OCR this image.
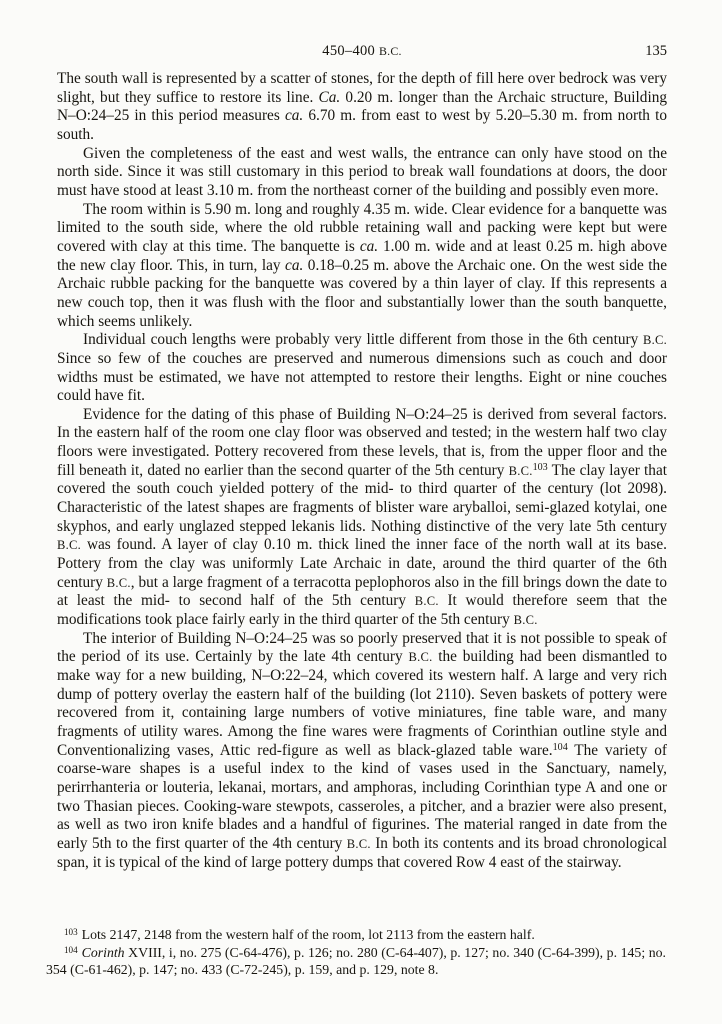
450–400 B.C.	135

The south wall is represented by a scatter of stones, for the depth of fill here over bedrock was very slight, but they suffice to restore its line. Ca. 0.20 m. longer than the Archaic structure, Building N–O:24–25 in this period measures ca. 6.70 m. from east to west by 5.20–5.30 m. from north to south.

Given the completeness of the east and west walls, the entrance can only have stood on the north side. Since it was still customary in this period to break wall foundations at doors, the door must have stood at least 3.10 m. from the northeast corner of the building and possibly even more.

The room within is 5.90 m. long and roughly 4.35 m. wide. Clear evidence for a banquette was limited to the south side, where the old rubble retaining wall and packing were kept but were covered with clay at this time. The banquette is ca. 1.00 m. wide and at least 0.25 m. high above the new clay floor. This, in turn, lay ca. 0.18–0.25 m. above the Archaic one. On the west side the Archaic rubble packing for the banquette was covered by a thin layer of clay. If this represents a new couch top, then it was flush with the floor and substantially lower than the south banquette, which seems unlikely.

Individual couch lengths were probably very little different from those in the 6th century B.C. Since so few of the couches are preserved and numerous dimensions such as couch and door widths must be estimated, we have not attempted to restore their lengths. Eight or nine couches could have fit.

Evidence for the dating of this phase of Building N–O:24–25 is derived from several factors. In the eastern half of the room one clay floor was observed and tested; in the western half two clay floors were investigated. Pottery recovered from these levels, that is, from the upper floor and the fill beneath it, dated no earlier than the second quarter of the 5th century B.C.$^{103}$ The clay layer that covered the south couch yielded pottery of the mid- to third quarter of the century (lot 2098). Characteristic of the latest shapes are fragments of blister ware aryballoi, semi-glazed kotylai, one skyphos, and early unglazed stepped lekanis lids. Nothing distinctive of the very late 5th century B.C. was found. A layer of clay 0.10 m. thick lined the inner face of the north wall at its base. Pottery from the clay was uniformly Late Archaic in date, around the third quarter of the 6th century B.C., but a large fragment of a terracotta peplophoros also in the fill brings down the date to at least the mid- to second half of the 5th century B.C. It would therefore seem that the modifications took place fairly early in the third quarter of the 5th century B.C.

The interior of Building N–O:24–25 was so poorly preserved that it is not possible to speak of the period of its use. Certainly by the late 4th century B.C. the building had been dismantled to make way for a new building, N–O:22–24, which covered its western half. A large and very rich dump of pottery overlay the eastern half of the building (lot 2110). Seven baskets of pottery were recovered from it, containing large numbers of votive miniatures, fine table ware, and many fragments of utility wares. Among the fine wares were fragments of Corinthian outline style and Conventionalizing vases, Attic red-figure as well as black-glazed table ware.$^{104}$ The variety of coarse-ware shapes is a useful index to the kind of vases used in the Sanctuary, namely, perirrhanteria or louteria, lekanai, mortars, and amphoras, including Corinthian type A and one or two Thasian pieces. Cooking-ware stewpots, casseroles, a pitcher, and a brazier were also present, as well as two iron knife blades and a handful of figurines. The material ranged in date from the early 5th to the first quarter of the 4th century B.C. In both its contents and its broad chronological span, it is typical of the kind of large pottery dumps that covered Row 4 east of the stairway.

$^{103}$ Lots 2147, 2148 from the western half of the room, lot 2113 from the eastern half.

$^{104}$ Corinth XVIII, i, no. 275 (C-64-476), p. 126; no. 280 (C-64-407), p. 127; no. 340 (C-64-399), p. 145; no. 354 (C-61-462), p. 147; no. 433 (C-72-245), p. 159, and p. 129, note 8.
